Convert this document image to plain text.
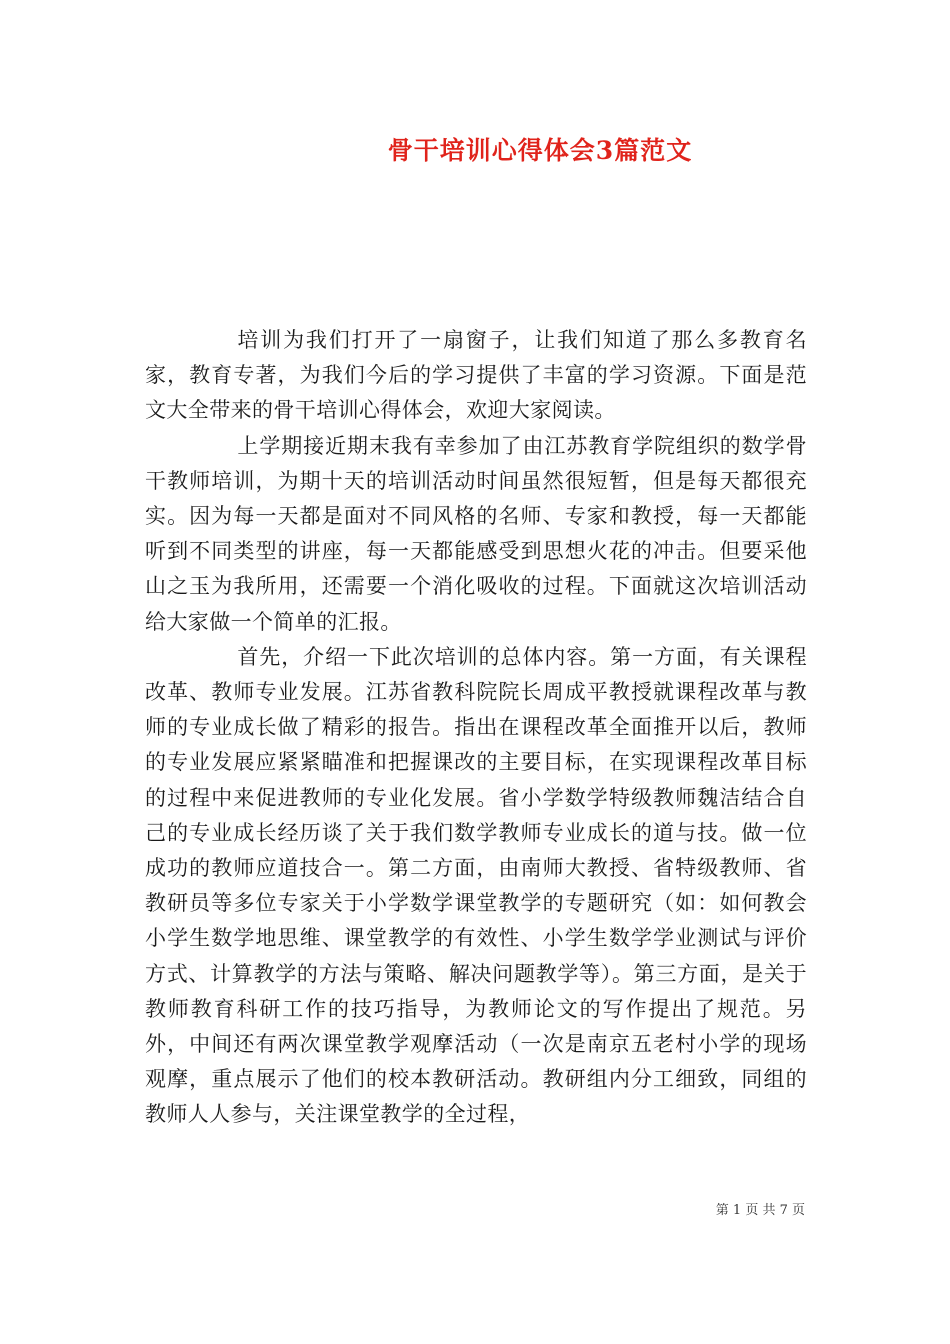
骨干培训心得体会3篇范文

培训为我们打开了一扇窗子，让我们知道了那么多教育名家，教育专著，为我们今后的学习提供了丰富的学习资源。下面是范文大全带来的骨干培训心得体会，欢迎大家阅读。

上学期接近期末我有幸参加了由江苏教育学院组织的数学骨干教师培训，为期十天的培训活动时间虽然很短暂，但是每天都很充实。因为每一天都是面对不同风格的名师、专家和教授，每一天都能听到不同类型的讲座，每一天都能感受到思想火花的冲击。但要采他山之玉为我所用，还需要一个消化吸收的过程。下面就这次培训活动给大家做一个简单的汇报。

首先，介绍一下此次培训的总体内容。第一方面，有关课程改革、教师专业发展。江苏省教科院院长周成平教授就课程改革与教师的专业成长做了精彩的报告。指出在课程改革全面推开以后，教师的专业发展应紧紧瞄准和把握课改的主要目标，在实现课程改革目标的过程中来促进教师的专业化发展。省小学数学特级教师魏洁结合自己的专业成长经历谈了关于我们数学教师专业成长的道与技。做一位成功的教师应道技合一。第二方面，由南师大教授、省特级教师、省教研员等多位专家关于小学数学课堂教学的专题研究（如：如何教会小学生数学地思维、课堂教学的有效性、小学生数学学业测试与评价方式、计算教学的方法与策略、解决问题教学等）。第三方面，是关于教师教育科研工作的技巧指导，为教师论文的写作提出了规范。另外，中间还有两次课堂教学观摩活动（一次是南京五老村小学的现场观摩，重点展示了他们的校本教研活动。教研组内分工细致，同组的教师人人参与，关注课堂教学的全过程，

第 1 页 共 7 页
